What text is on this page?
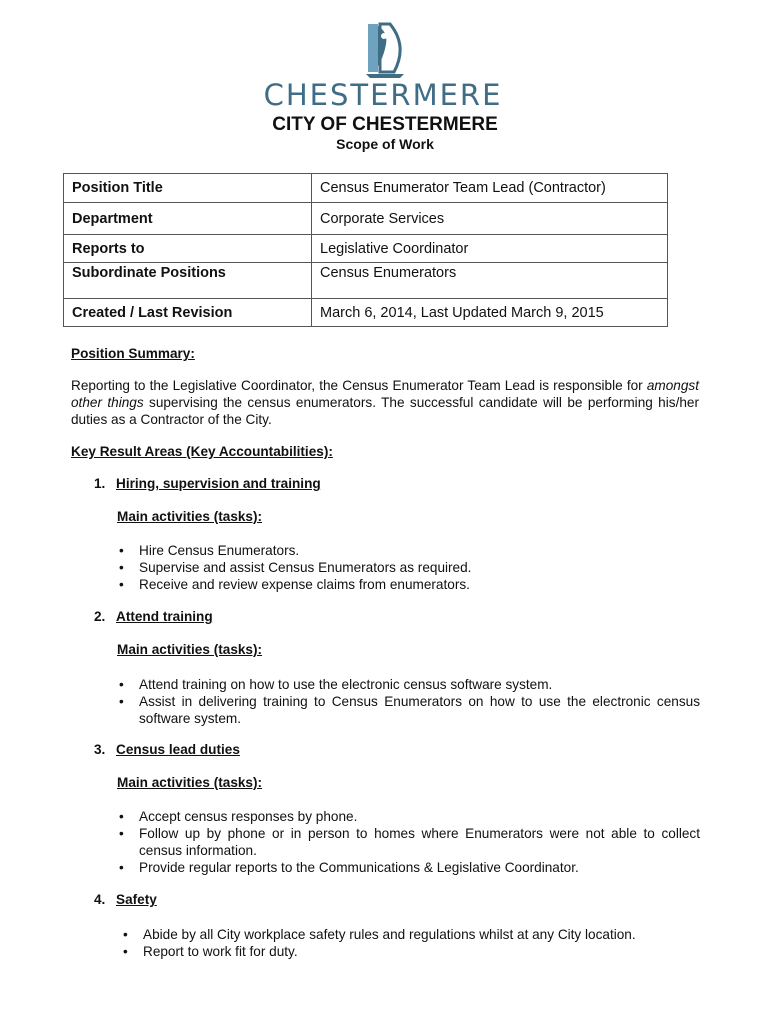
CHESTERMERE
CITY OF CHESTERMERE
Scope of Work
Position Title	Census Enumerator Team Lead (Contractor)
Department	Corporate Services
Reports to	Legislative Coordinator
Subordinate Positions	Census Enumerators
Created / Last Revision	March 6, 2014, Last Updated March 9, 2015
Position Summary:
Reporting to the Legislative Coordinator, the Census Enumerator Team Lead is responsible for amongst other things supervising the census enumerators. The successful candidate will be performing his/her duties as a Contractor of the City.
Key Result Areas (Key Accountabilities):
1. Hiring, supervision and training
Main activities (tasks):
• Hire Census Enumerators.
• Supervise and assist Census Enumerators as required.
• Receive and review expense claims from enumerators.
2. Attend training
Main activities (tasks):
• Attend training on how to use the electronic census software system.
• Assist in delivering training to Census Enumerators on how to use the electronic census software system.
3. Census lead duties
Main activities (tasks):
• Accept census responses by phone.
• Follow up by phone or in person to homes where Enumerators were not able to collect census information.
• Provide regular reports to the Communications & Legislative Coordinator.
4. Safety
• Abide by all City workplace safety rules and regulations whilst at any City location.
• Report to work fit for duty.
